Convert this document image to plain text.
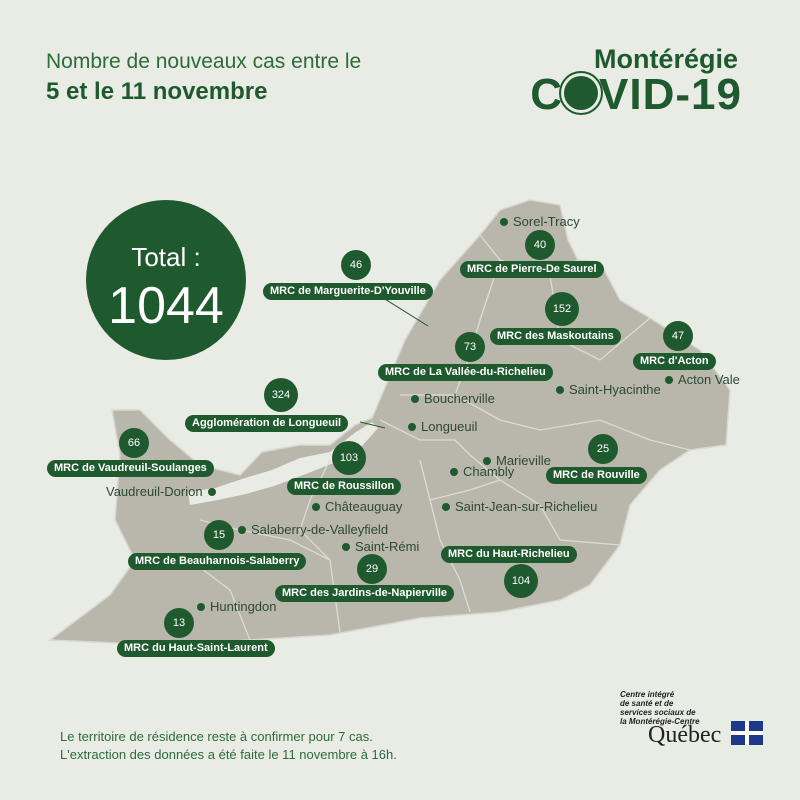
Nombre de nouveaux cas entre le
5 et le 11 novembre
Montérégie
C VID-19
Total :
1044
40
MRC de Pierre-De Saurel
46
MRC de Marguerite-D'Youville
152
MRC des Maskoutains	47
MRC d'Acton
73
MRC de La Vallée-du-Richelieu
324
Agglomération de Longueuil
66
MRC de Vaudreuil-Soulanges
103
MRC de Roussillon
25
MRC de Rouville
15
MRC de Beauharnois-Salaberry
104
MRC du Haut-Richelieu
29
MRC des Jardins-de-Napierville
13
MRC du Haut-Saint-Laurent
Sorel-Tracy
Saint-Hyacinthe
Acton Vale
Boucherville
Longueuil
Marieville
Chambly
Saint-Jean-sur-Richelieu
Vaudreuil-Dorion
Châteauguay
Salaberry-de-Valleyfield
Saint-Rémi
Huntingdon
Le territoire de résidence reste à confirmer pour 7 cas.
L'extraction des données a été faite le 11 novembre à 16h.
Centre intégré
de santé et de
services sociaux de
la Montérégie-Centre
Québec
